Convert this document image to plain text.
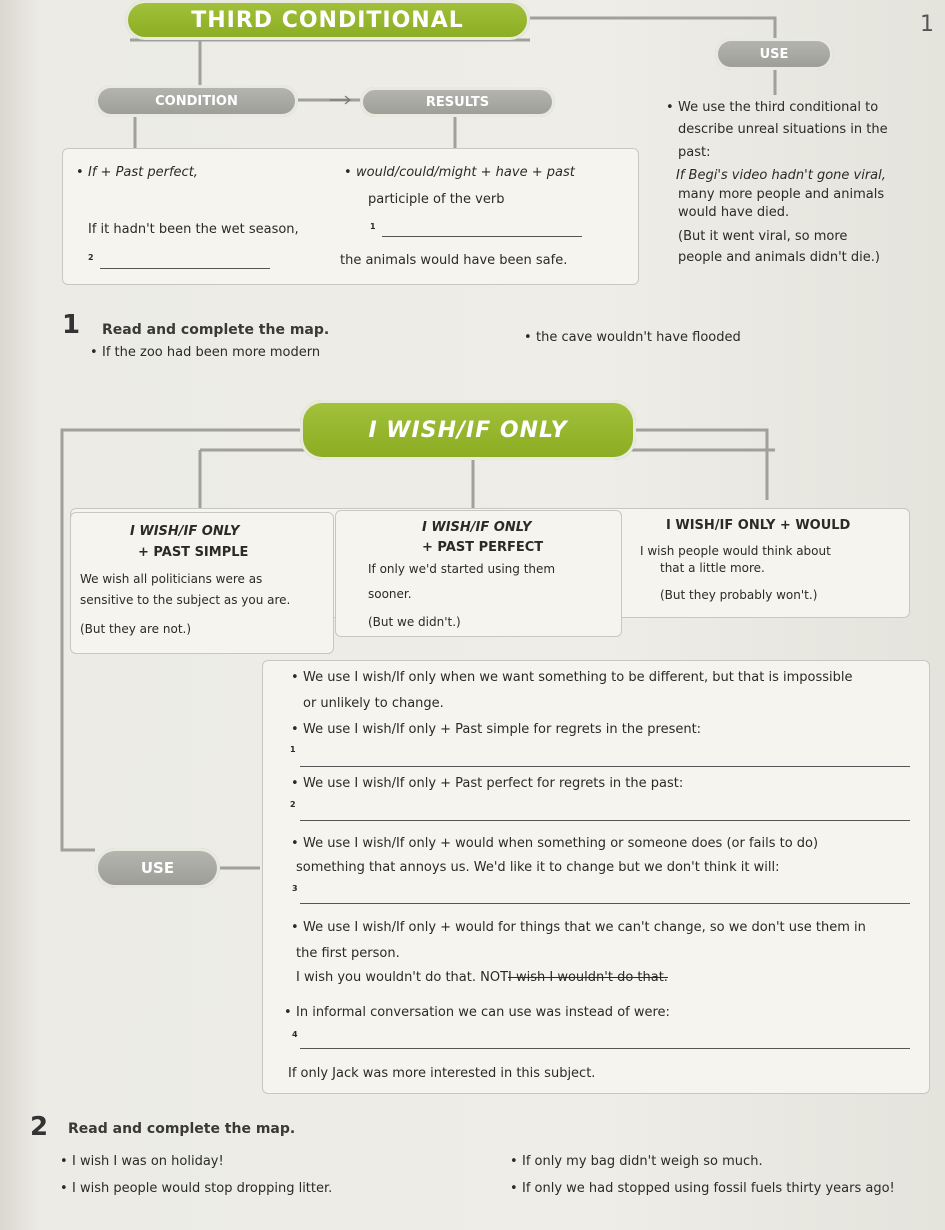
THIRD CONDITIONAL	1
USE
CONDITION	RESULTS
• If + Past perfect,	• would/could/might + have + past
participle of the verb
If it hadn't been the wet season,	1
2	the animals would have been safe.
• We use the third conditional to
describe unreal situations in the
past:
If Begi's video hadn't gone viral,
many more people and animals
would have died.
(But it went viral, so more
people and animals didn't die.)
1 Read and complete the map.
• If the zoo had been more modern
• the cave wouldn't have flooded
I WISH/IF ONLY
I WISH/IF ONLY
+ PAST SIMPLE
We wish all politicians were as
sensitive to the subject as you are.
(But they are not.)
I WISH/IF ONLY
+ PAST PERFECT
If only we'd started using them
sooner.
(But we didn't.)
I WISH/IF ONLY + WOULD
I wish people would think about
that a little more.
(But they probably won't.)
USE
• We use I wish/If only when we want something to be different, but that is impossible
or unlikely to change.
• We use I wish/If only + Past simple for regrets in the present:
1
• We use I wish/If only + Past perfect for regrets in the past:
2
• We use I wish/If only + would when something or someone does (or fails to do)
something that annoys us. We'd like it to change but we don't think it will:
3
• We use I wish/If only + would for things that we can't change, so we don't use them in
the first person.
I wish you wouldn't do that. NOTI wish I wouldn't do that.
• In informal conversation we can use was instead of were:
4
If only Jack was more interested in this subject.
2 Read and complete the map.
• I wish I was on holiday!	• If only my bag didn't weigh so much.
• I wish people would stop dropping litter.	• If only we had stopped using fossil fuels thirty years ago!
